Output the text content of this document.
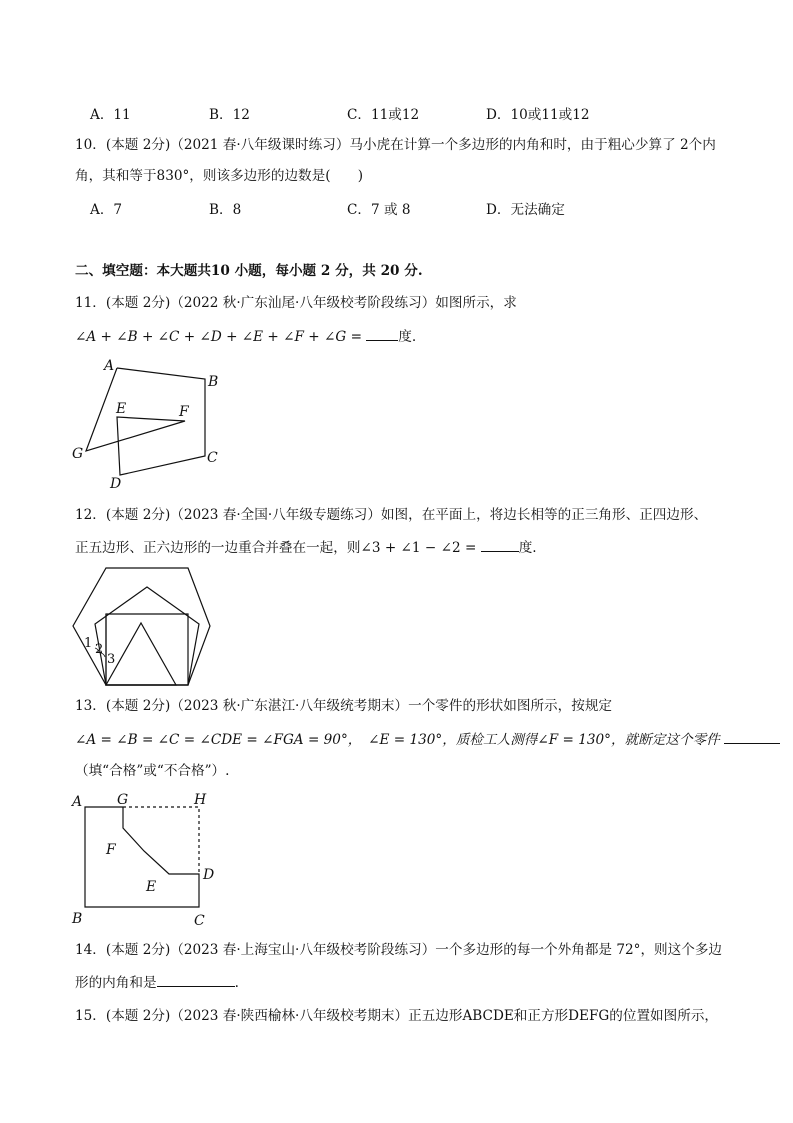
A．11	B．12	C．11或12	D．10或11或12
10．(本题 2分)（2021 春·八年级课时练习）马小虎在计算一个多边形的内角和时，由于粗心少算了 2个内
角，其和等于830°，则该多边形的边数是(　　)
A．7	B．8	C．7 或 8	D．无法确定
二、填空题：本大题共10 小题，每小题 2 分，共 20 分.
11．(本题 2分)（2022 秋·广东汕尾·八年级校考阶段练习）如图所示，求
∠A + ∠B + ∠C + ∠D + ∠E + ∠F + ∠G =	度.
A
B
C
D
E	F
G
12．(本题 2分)（2023 春·全国·八年级专题练习）如图，在平面上，将边长相等的正三角形、正四边形、
正五边形、正六边形的一边重合并叠在一起，则∠3 + ∠1 − ∠2 =	度.
1 2
3
13．(本题 2分)（2023 秋·广东湛江·八年级统考期末）一个零件的形状如图所示，按规定
∠A = ∠B = ∠C = ∠CDE = ∠FGA = 90°，　∠E = 130°，质检工人测得∠F = 130°，就断定这个零件
（填“合格”或“不合格”）.
A G	H
F
E
D
B	C
14．(本题 2分)（2023 春·上海宝山·八年级校考阶段练习）一个多边形的每一个外角都是 72°，则这个多边
形的内角和是	.
15．(本题 2分)（2023 春·陕西榆林·八年级校考期末）正五边形ABCDE和正方形DEFG的位置如图所示，
